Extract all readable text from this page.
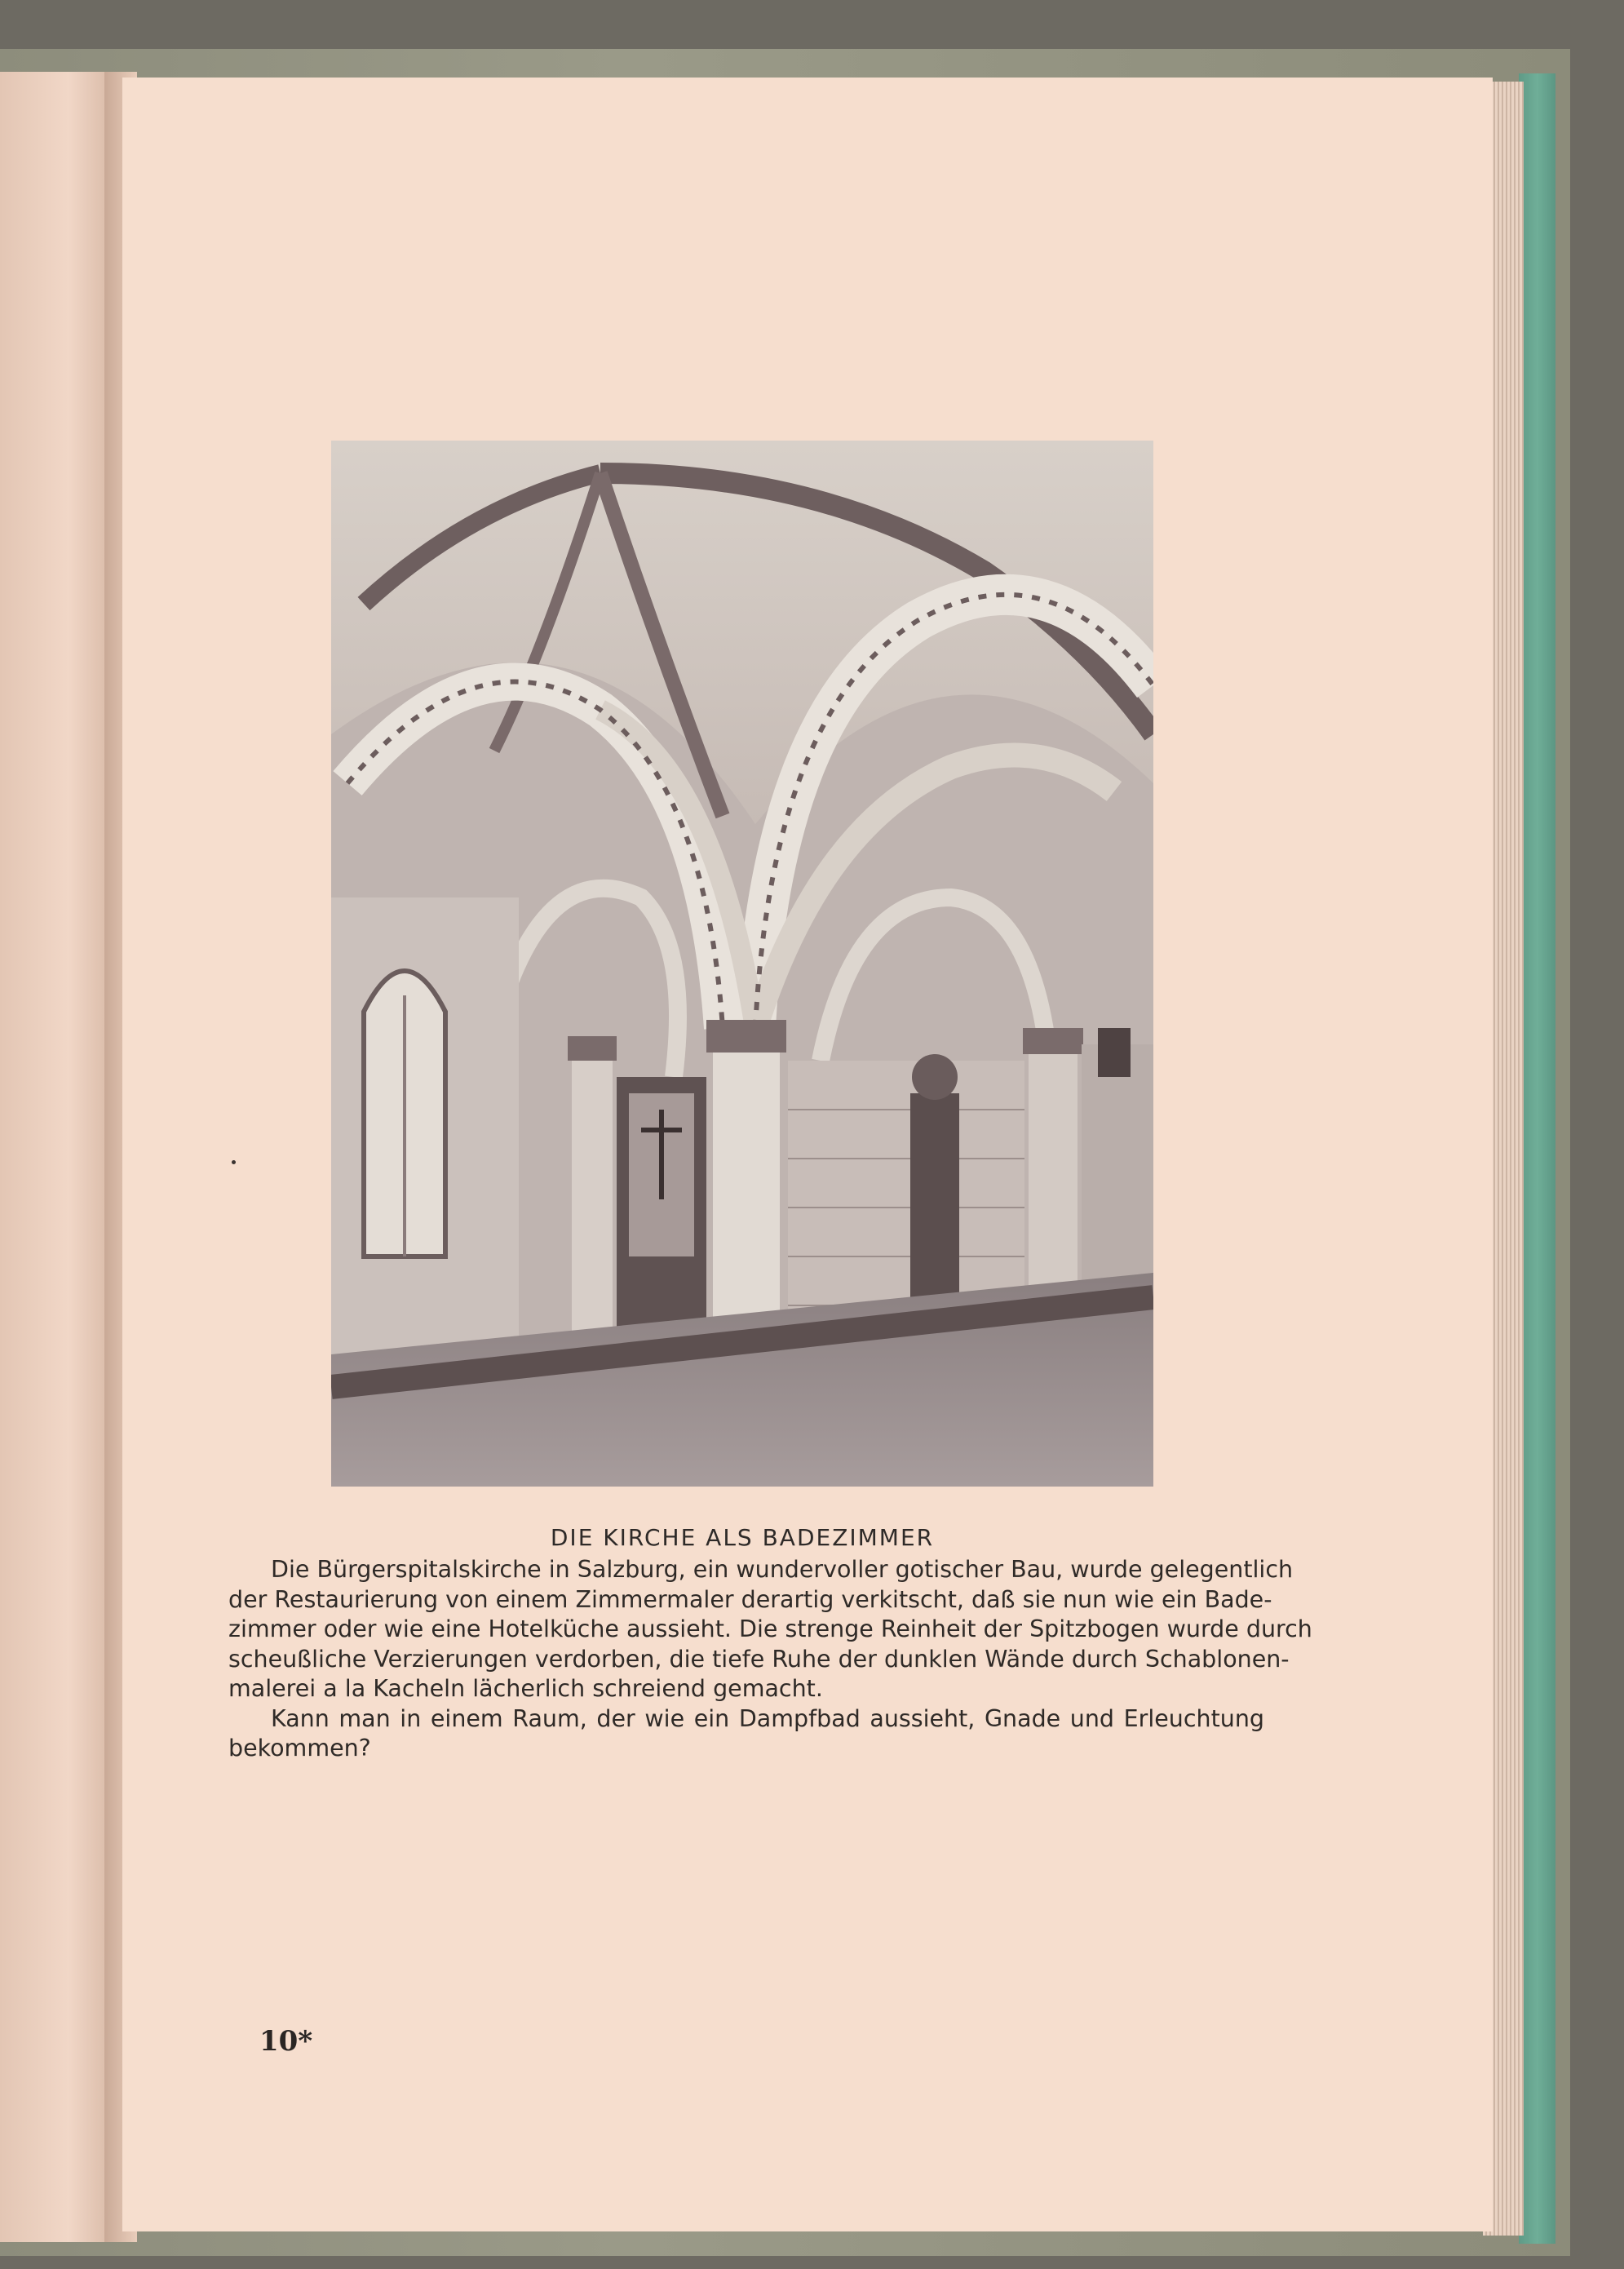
DIE KIRCHE ALS BADEZIMMER
Die Bürgerspitalskirche in Salzburg, ein wundervoller gotischer Bau, wurde gelegentlich
der Restaurierung von einem Zimmermaler derartig verkitscht, daß sie nun wie ein Bade-
zimmer oder wie eine Hotelküche aussieht. Die strenge Reinheit der Spitzbogen wurde durch
scheußliche Verzierungen verdorben, die tiefe Ruhe der dunklen Wände durch Schablonen-
malerei a la Kacheln lächerlich schreiend gemacht.
Kann man in einem Raum, der wie ein Dampfbad aussieht, Gnade und Erleuchtung
bekommen?
10*
